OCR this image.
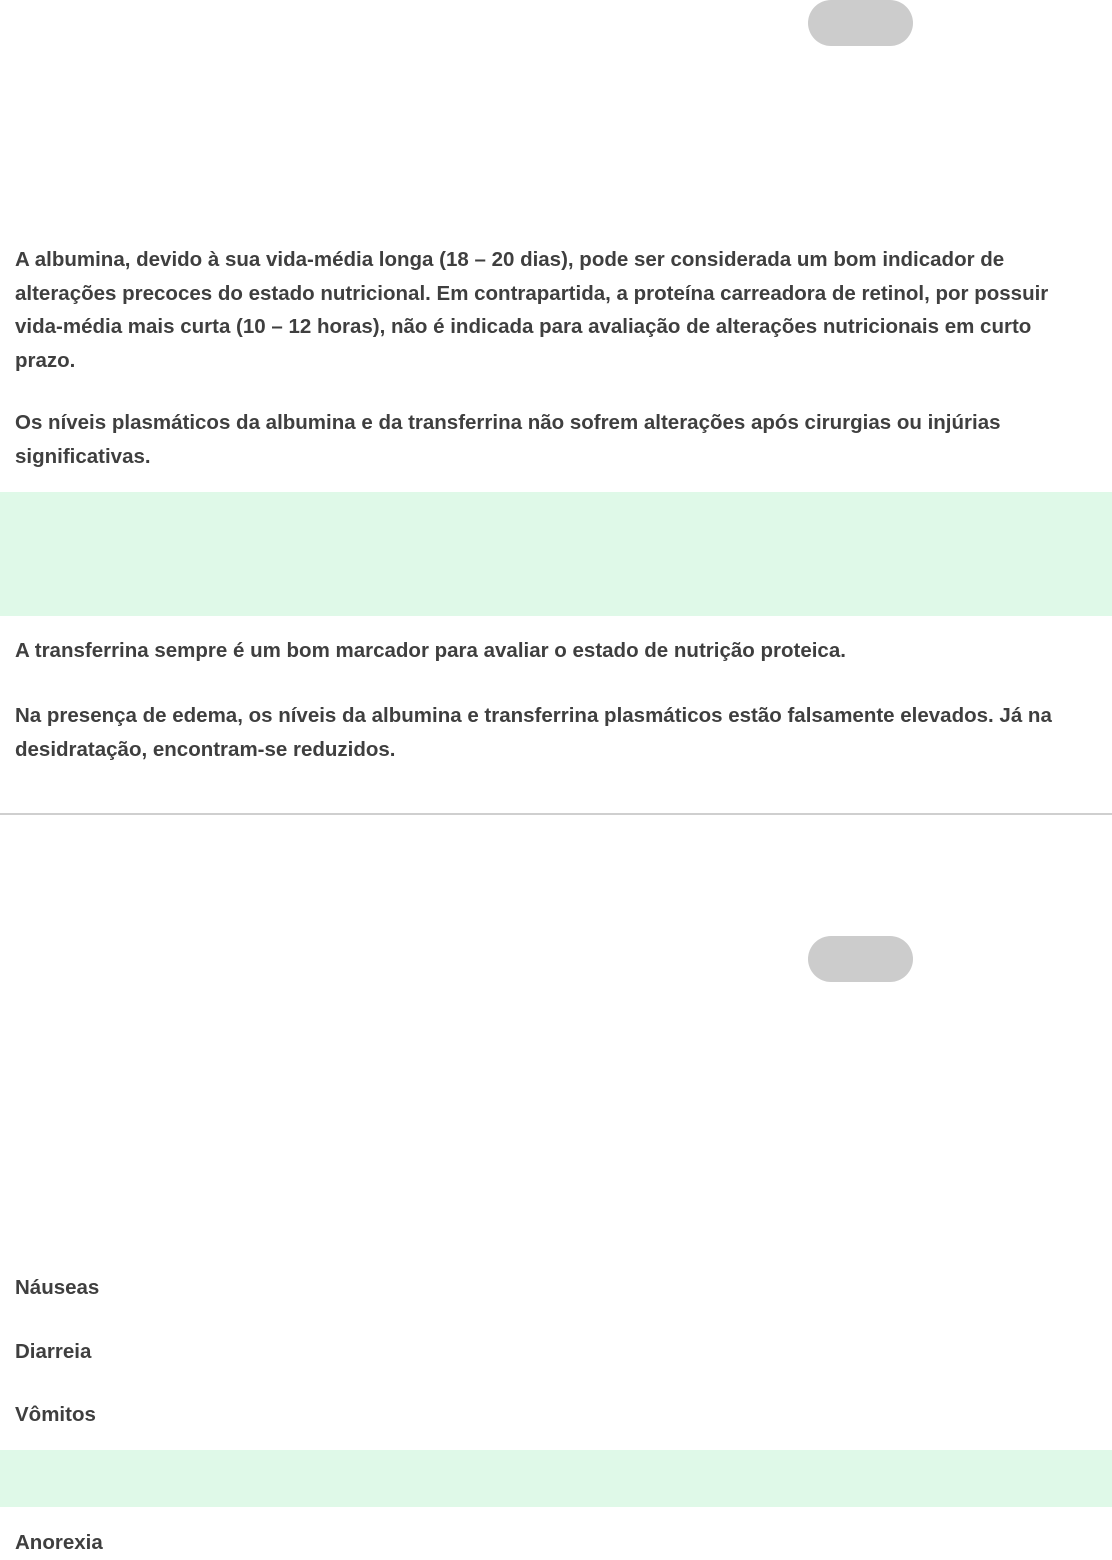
A albumina, devido à sua vida-média longa (18 – 20 dias), pode ser considerada um bom indicador de alterações precoces do estado nutricional. Em contrapartida, a proteína carreadora de retinol, por possuir vida-média mais curta (10 – 12 horas), não é indicada para avaliação de alterações nutricionais em curto prazo.

Os níveis plasmáticos da albumina e da transferrina não sofrem alterações após cirurgias ou injúrias significativas.

A transferrina sempre é um bom marcador para avaliar o estado de nutrição proteica.

Na presença de edema, os níveis da albumina e transferrina plasmáticos estão falsamente elevados. Já na desidratação, encontram-se reduzidos.

Náuseas

Diarreia

Vômitos

Anorexia
